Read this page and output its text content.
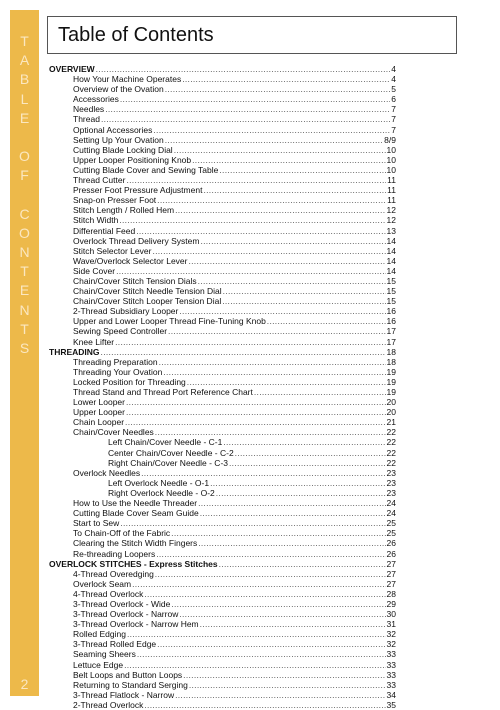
T
A
B
L
E
O
F
C
O
N
T
E
N
T
S
2
Table of Contents
OVERVIEW .....	4
How Your Machine Operates .....	4
Overview of the Ovation .....	5
Accessories .....	6
Needles .....	7
Thread .....	7
Optional Accessories .....	7
Setting Up Your Ovation .....	8/9
Cutting Blade Locking Dial .....	10
Upper Looper Positioning Knob .....	10
Cutting Blade Cover and Sewing Table .....	10
Thread Cutter .....	11
Presser Foot Pressure Adjustment .....	11
Snap-on Presser Foot .....	11
Stitch Length / Rolled Hem .....	12
Stitch Width .....	12
Differential Feed .....	13
Overlock Thread Delivery System .....	14
Stitch Selector Lever .....	14
Wave/Overlock Selector Lever .....	14
Side Cover .....	14
Chain/Cover Stitch Tension Dials .....	15
Chain/Cover Stitch Needle Tension Dial .....	15
Chain/Cover Stitch Looper Tension Dial .....	15
2-Thread Subsidiary Looper .....	16
Upper and Lower Looper Thread Fine-Tuning Knob .....	16
Sewing Speed Controller .....	17
Knee Lifter .....	17
THREADING .....	18
Threading Preparation .....	18
Threading Your Ovation .....	19
Locked Position for Threading .....	19
Thread Stand and Thread Port Reference Chart .....	19
Lower Looper .....	20
Upper Looper .....	20
Chain Looper .....	21
Chain/Cover Needles .....	22
Left Chain/Cover Needle - C-1 .....	22
Center Chain/Cover Needle - C-2 .....	22
Right Chain/Cover Needle - C-3 .....	22
Overlock Needles .....	23
Left Overlock Needle - O-1 .....	23
Right Overlock Needle - O-2 .....	23
How to Use the Needle Threader .....	24
Cutting Blade Cover Seam Guide .....	24
Start to Sew .....	25
To Chain-Off of the Fabric .....	25
Clearing the Stitch Width Fingers .....	26
Re-threading Loopers .....	26
OVERLOCK STITCHES - Express Stitches .....	27
4-Thread Overedging .....	27
Overlock Seam .....	27
4-Thread Overlock .....	28
3-Thread Overlock - Wide .....	29
3-Thread Overlock - Narrow .....	30
3-Thread Overlock - Narrow Hem .....	31
Rolled Edging .....	32
3-Thread Rolled Edge .....	32
Seaming Sheers .....	33
Lettuce Edge .....	33
Belt Loops and Button Loops .....	33
Returning to Standard Serging .....	33
3-Thread Flatlock - Narrow .....	34
2-Thread Overlock .....	35
